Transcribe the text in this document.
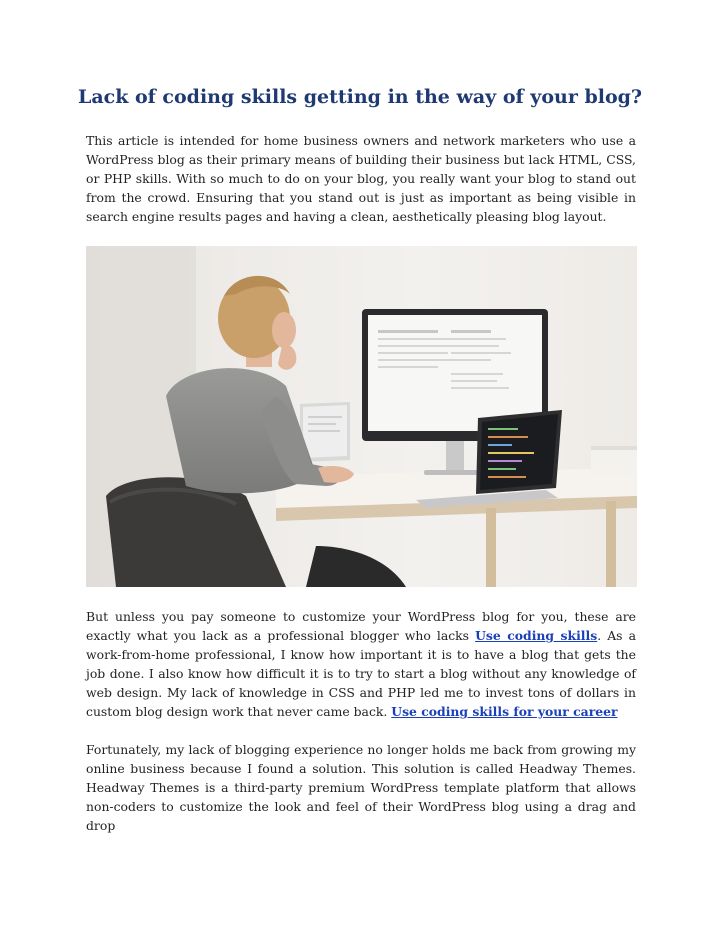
Lack of coding skills getting in the way of your blog?

This article is intended for home business owners and network marketers who use a WordPress blog as their primary means of building their business but lack HTML, CSS, or PHP skills. With so much to do on your blog, you really want your blog to stand out from the crowd. Ensuring that you stand out is just as important as being visible in search engine results pages and having a clean, aesthetically pleasing blog layout.

But unless you pay someone to customize your WordPress blog for you, these are exactly what you lack as a professional blogger who lacks Use coding skills. As a work-from-home professional, I know how important it is to have a blog that gets the job done. I also know how difficult it is to try to start a blog without any knowledge of web design. My lack of knowledge in CSS and PHP led me to invest tons of dollars in custom blog design work that never came back. Use coding skills for your career

Fortunately, my lack of blogging experience no longer holds me back from growing my online business because I found a solution. This solution is called Headway Themes. Headway Themes is a third-party premium WordPress template platform that allows non-coders to customize the look and feel of their WordPress blog using a drag and drop
